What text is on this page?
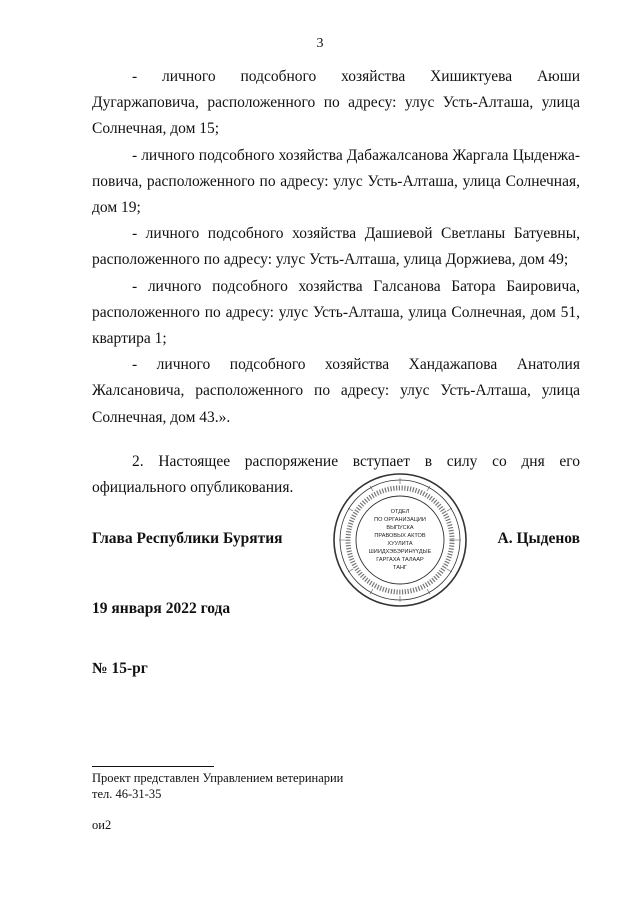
3

- личного подсобного хозяйства Хишиктуева Аюши Дугаржаповича, расположенного по адресу: улус Усть-Алташа, улица Солнечная, дом 15;

- личного подсобного хозяйства Дабажалсанова Жаргала Цыденжаповича, расположенного по адресу: улус Усть-Алташа, улица Солнечная, дом 19;

- личного подсобного хозяйства Дашиевой Светланы Батуевны, расположенного по адресу: улус Усть-Алташа, улица Доржиева, дом 49;

- личного подсобного хозяйства Галсанова Батора Баировича, расположенного по адресу: улус Усть-Алташа, улица Солнечная, дом 51, квартира 1;

- личного подсобного хозяйства Хандажапова Анатолия Жалсановича, расположенного по адресу: улус Усть-Алташа, улица Солнечная, дом 43.».

2. Настоящее распоряжение вступает в силу со дня его официального опубликования.

ОТДЕЛ
ПО ОРГАНИЗАЦИИ
ВЫПУСКА
ПРАВОВЫХ АКТОВ
ХУУЛИТА
ШИИДХЭБЭРИНҮҮДЫЕ
ГАРГАХА ТАЛААР
ТАНГ
Глава Республики Бурятия	А. Цыденов
19 января 2022 года
№ 15-рг
Проект представлен Управлением ветеринарии
тел. 46-31-35
ои2
